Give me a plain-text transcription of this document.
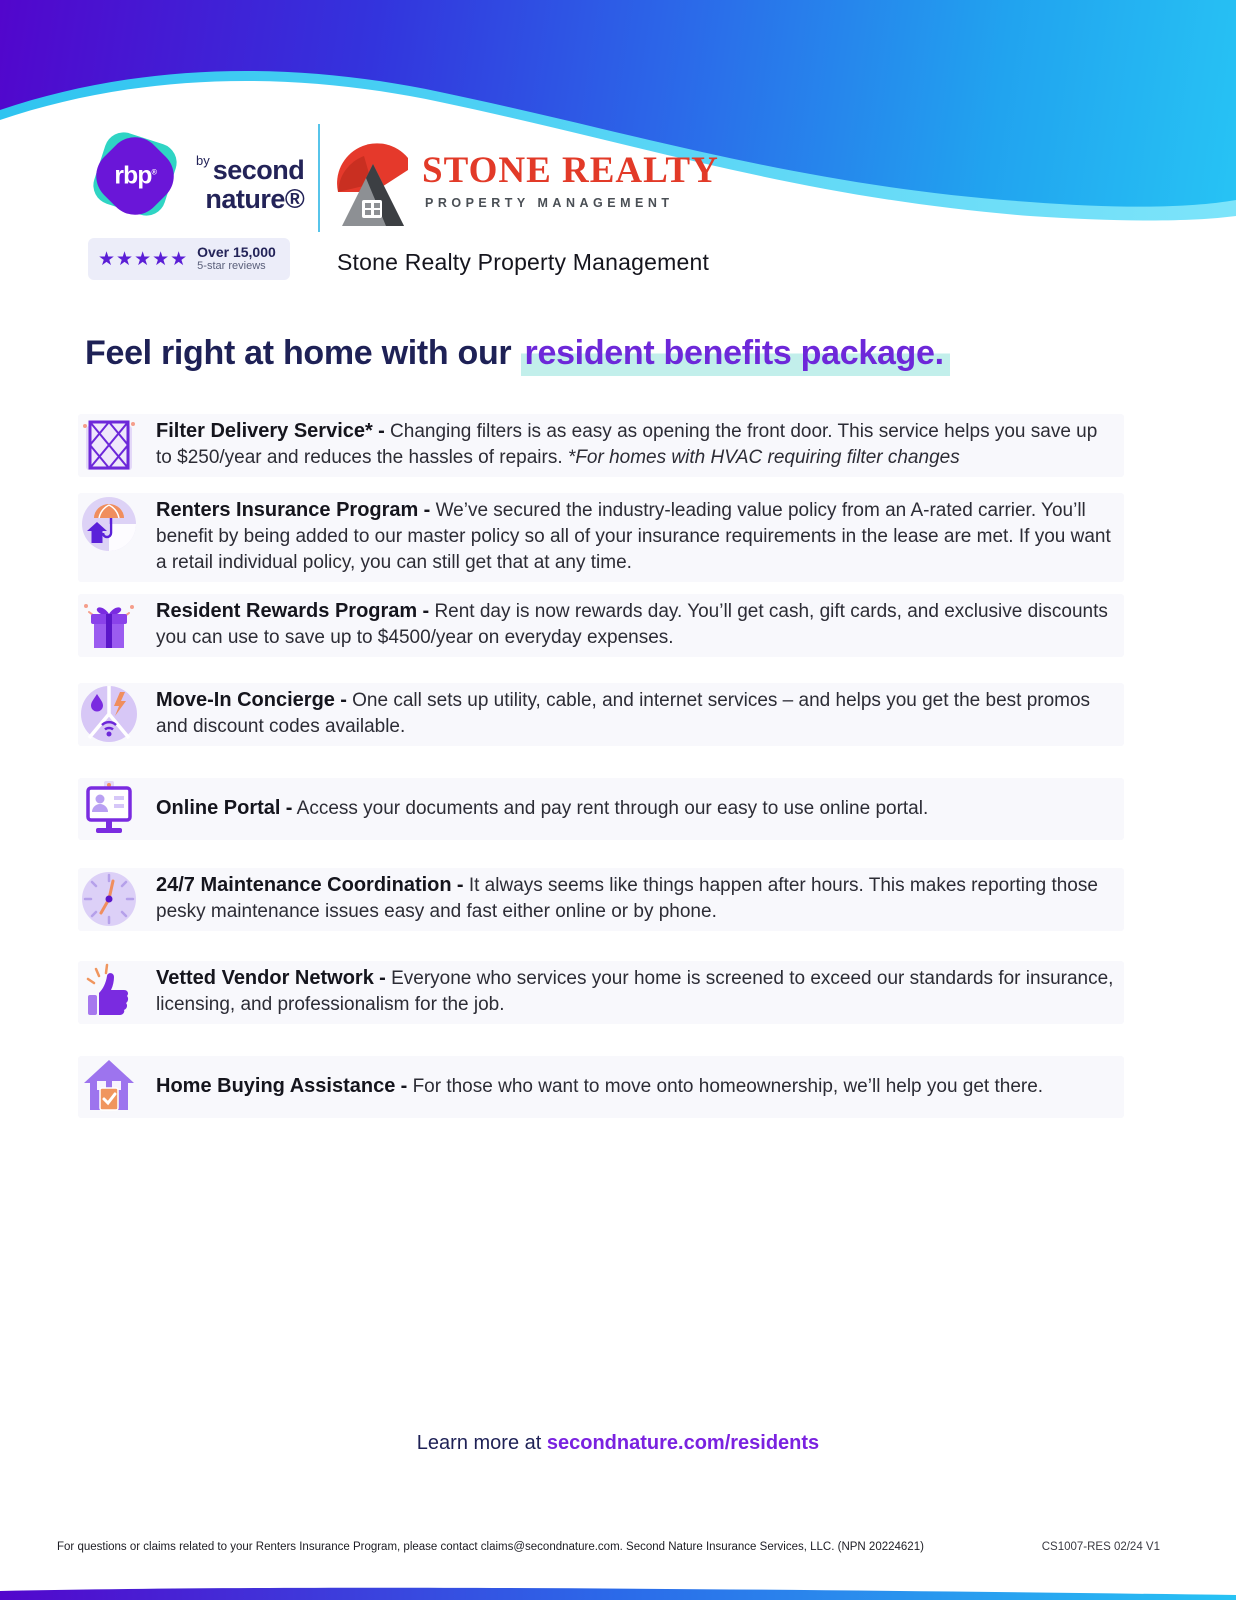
rbp®
$^{by}$ second
nature®
★★★★★ Over 15,000
5-star reviews
STONE REALTY
PROPERTY MANAGEMENT
Stone Realty Property Management
Feel right at home with our resident benefits package.
Filter Delivery Service* - Changing filters is as easy as opening the front door. This service helps you save up to $250/year and reduces the hassles of repairs. *For homes with HVAC requiring filter changes
Renters Insurance Program - We’ve secured the industry-leading value policy from an A-rated carrier. You’ll benefit by being added to our master policy so all of your insurance requirements in the lease are met. If you want a retail individual policy, you can still get that at any time.
Resident Rewards Program - Rent day is now rewards day. You’ll get cash, gift cards, and exclusive discounts you can use to save up to $4500/year on everyday expenses.
Move-In Concierge - One call sets up utility, cable, and internet services – and helps you get the best promos and discount codes available.
Online Portal - Access your documents and pay rent through our easy to use online portal.
24/7 Maintenance Coordination - It always seems like things happen after hours. This makes reporting those pesky maintenance issues easy and fast either online or by phone.
Vetted Vendor Network - Everyone who services your home is screened to exceed our standards for insurance, licensing, and professionalism for the job.
Home Buying Assistance - For those who want to move onto homeownership, we’ll help you get there.
Learn more at secondnature.com/residents
For questions or claims related to your Renters Insurance Program, please contact claims@secondnature.com. Second Nature Insurance Services, LLC. (NPN 20224621)	CS1007-RES 02/24 V1
